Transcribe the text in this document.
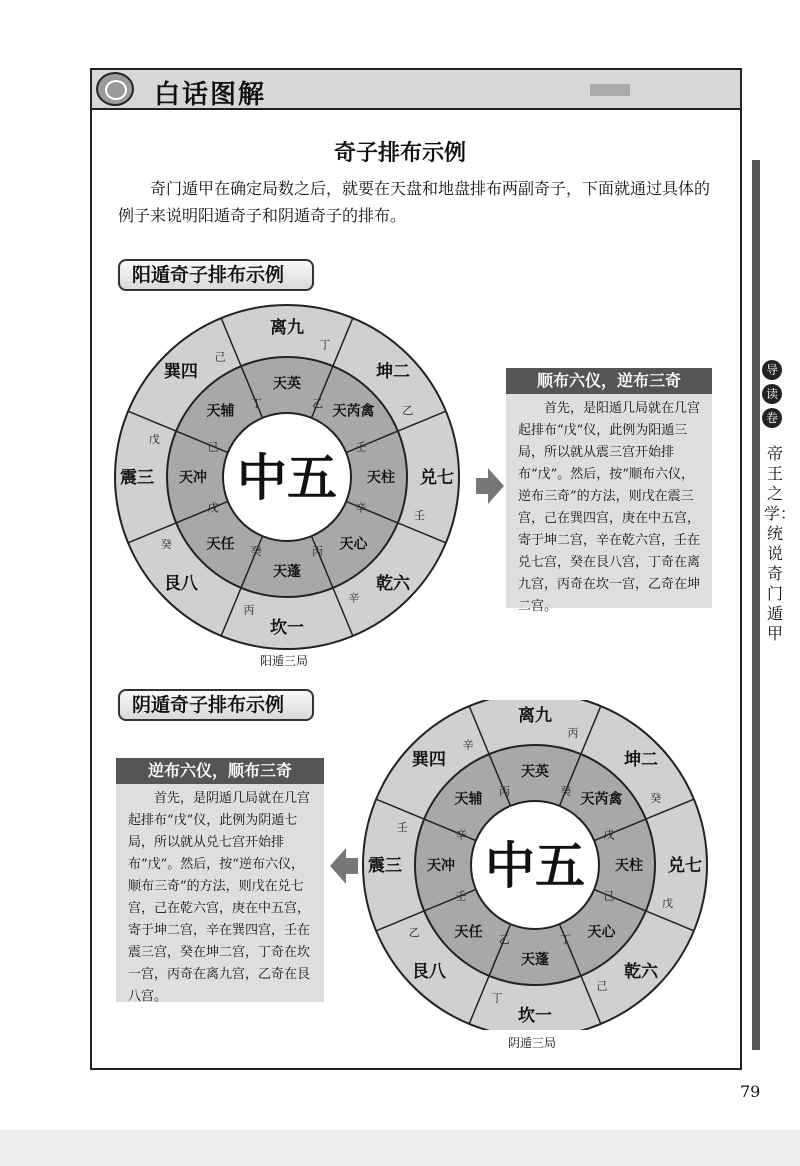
白话图解
奇子排布示例
奇门遁甲在确定局数之后，就要在天盘和地盘排布两副奇子，下面就通过具体的例子来说明阳遁奇子和阴遁奇子的排布。
阳遁奇子排布示例
中五
离九
天英
丁
丁
坤二
天芮禽	乙
乙
兑七
天柱
壬
壬
乾六
天心
辛
辛
坎一
天蓬
丙
丙
艮八
天任
癸
癸
震三 天冲
戊
戊
巽四
天辅
己
己
顺布六仪，逆布三奇
首先，是阳遁几局就在几宫起排布“戊”仪，此例为阳遁三局，所以就从震三宫开始排布“戊”。然后，按“顺布六仪，逆布三奇”的方法，则戊在震三宫，己在巽四宫，庚在中五宫，寄于坤二宫，辛在乾六宫，壬在兑七宫，癸在艮八宫，丁奇在离九宫，丙奇在坎一宫，乙奇在坤二宫。
阳遁三局
阴遁奇子排布示例
中五
离九
天英
丙
丙
坤二
天芮禽	癸
癸
兑七
天柱
戊
戊
乾六
天心
己
己
坎一
天蓬
丁
丁
艮八
天任
乙
乙
震三 天冲
壬
壬
巽四
天辅
辛
辛
逆布六仪，顺布三奇
首先，是阴遁几局就在几宫起排布“戊”仪，此例为阴遁七局，所以就从兑七宫开始排布“戊”。然后，按“逆布六仪，顺布三奇”的方法，则戊在兑七宫，己在乾六宫，庚在中五宫，寄于坤二宫，辛在巽四宫，壬在震三宫，癸在坤二宫，丁奇在坎一宫，丙奇在离九宫，乙奇在艮八宫。
阴遁三局
导
读
卷
帝王之学：统说奇门遁甲
79
